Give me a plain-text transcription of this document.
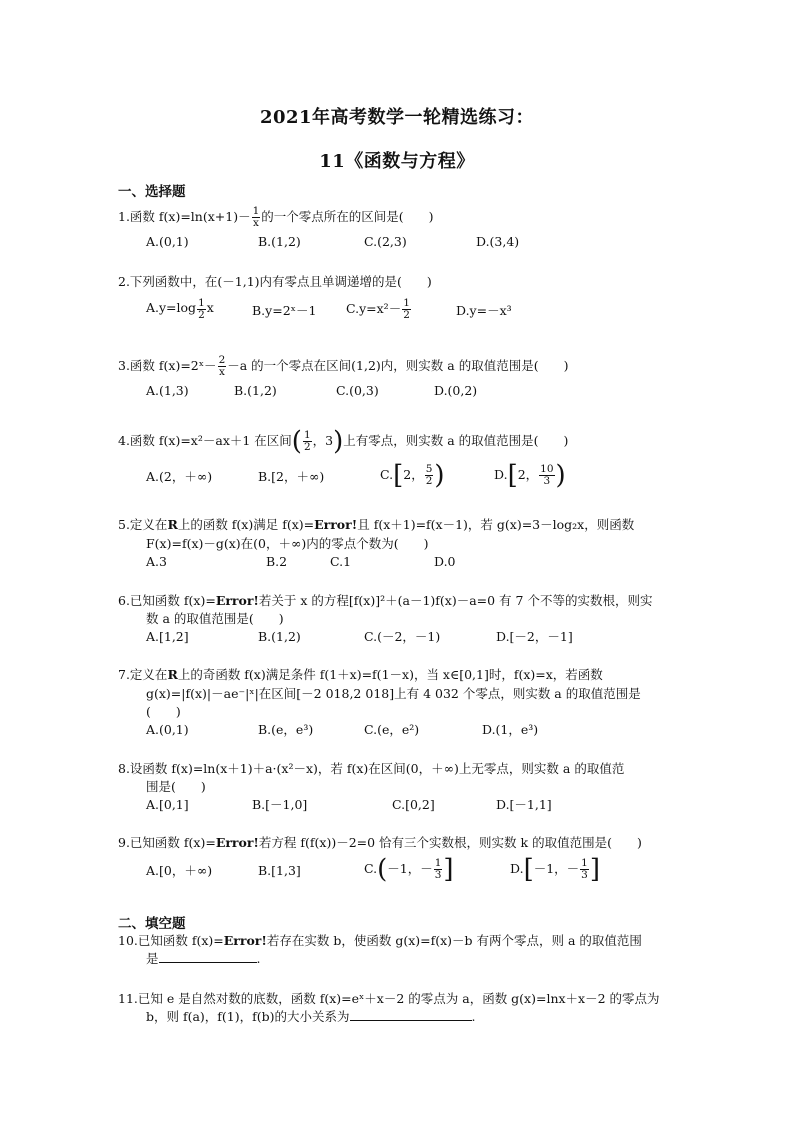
2021年高考数学一轮精选练习：
11《函数与方程》
一、选择题
1.函数 $f(x)=\ln(x+1)- \frac{1}{x}$ 的一个零点所在的区间是(　　)
A.(0,1)	B.(1,2)	C.(2,3)	D.(3,4)
2.下列函数中，在(－1,1)内有零点且单调递增的是(　　)
$A.y=\log \frac{1}{2}$ x	B.y=2ˣ－1 $C.y=x^2- \frac{1}{2}$	D.y=－x³
3.函数 f(x)=2ˣ－ $\frac{2}{x} -a$ 的一个零点在区间(1,2)内，则实数 a 的取值范围是(　　)
A.(1,3)	B.(1,2)	C.(0,3)	D.(0,2)
4.函数 f(x)=x²－ax＋1 在区间( $\frac{1}{2}$ ，3)上有零点，则实数 a 的取值范围是(　　)
A.(2，＋∞)	B.[2，＋∞)	C.[2， $\frac{5}{2}$ )	D.[2， $\frac{10}{3}$ )
5.定义在R上的函数 f(x)满足 f(x)=Error!且 f(x＋1)=f(x－1)，若 g(x)=3－log₂x，则函数
F(x)=f(x)－g(x)在(0，＋∞)内的零点个数为(　　)
A.3	B.2	C.1	D.0
6.已知函数 f(x)=Error!若关于 x 的方程[f(x)]²＋(a－1)f(x)－a=0 有 7 个不等的实数根，则实
数 a 的取值范围是(　　)
A.[1,2]	B.(1,2)	C.(－2，－1)	D.[－2，－1]
7.定义在R上的奇函数 f(x)满足条件 f(1＋x)=f(1－x)，当 x∈[0,1]时，f(x)=x，若函数
g(x)=|f(x)|－ae⁻|ˣ|在区间[－2 018,2 018]上有 4 032 个零点，则实数 a 的取值范围是
(　　)
A.(0,1)	B.(e，e³)	C.(e，e²)	D.(1，e³)
8.设函数 f(x)=ln(x＋1)＋a·(x²－x)，若 f(x)在区间(0，＋∞)上无零点，则实数 a 的取值范
围是(　　)
A.[0,1]	B.[－1,0]	C.[0,2]	D.[－1,1]
9.已知函数 f(x)=Error!若方程 f(f(x))－2=0 恰有三个实数根，则实数 k 的取值范围是(　　)
A.[0，＋∞)	B.[1,3]	C.(－1，－ $\frac{1}{3}$ ]	D.[－1，－ $\frac{1}{3}$ ]
二、填空题
10.已知函数 f(x)=Error!若存在实数 b，使函数 g(x)=f(x)－b 有两个零点，则 a 的取值范围
是	.
11.已知 e 是自然对数的底数，函数 f(x)=eˣ＋x－2 的零点为 a，函数 g(x)=lnx＋x－2 的零点为
b，则 f(a)，f(1)，f(b)的大小关系为	.
